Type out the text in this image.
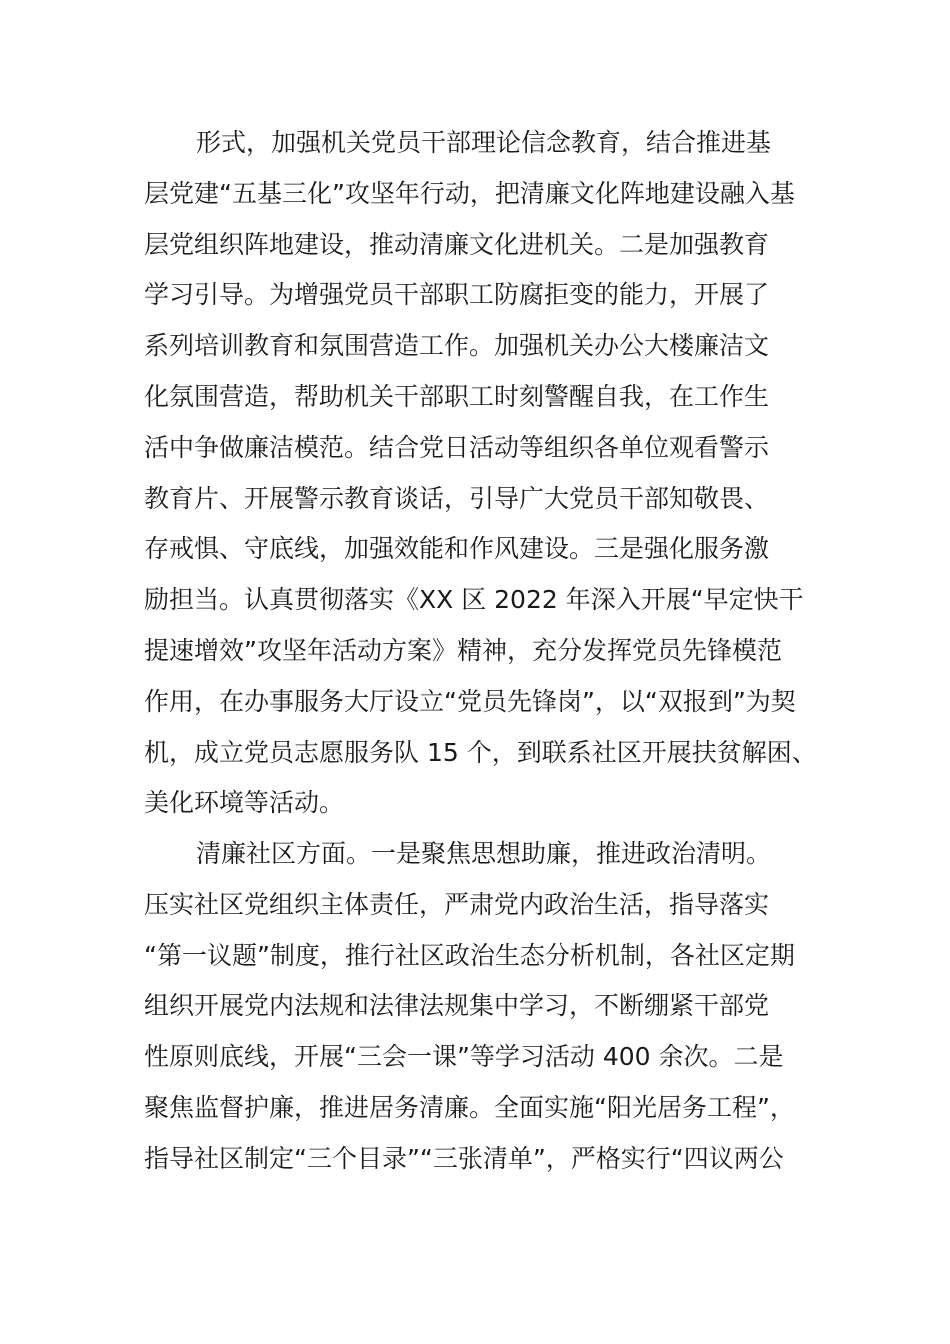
形式，加强机关党员干部理论信念教育，结合推进基
层党建“五基三化”攻坚年行动，把清廉文化阵地建设融入基
层党组织阵地建设，推动清廉文化进机关。二是加强教育
学习引导。为增强党员干部职工防腐拒变的能力，开展了
系列培训教育和氛围营造工作。加强机关办公大楼廉洁文
化氛围营造，帮助机关干部职工时刻警醒自我，在工作生
活中争做廉洁模范。结合党日活动等组织各单位观看警示
教育片、开展警示教育谈话，引导广大党员干部知敬畏、
存戒惧、守底线，加强效能和作风建设。三是强化服务激
励担当。认真贯彻落实《XX 区 2022 年深入开展“早定快干
提速增效”攻坚年活动方案》精神，充分发挥党员先锋模范
作用，在办事服务大厅设立“党员先锋岗”，以“双报到”为契
机，成立党员志愿服务队 15 个，到联系社区开展扶贫解困、
美化环境等活动。
清廉社区方面。一是聚焦思想助廉，推进政治清明。
压实社区党组织主体责任，严肃党内政治生活，指导落实
“第一议题”制度，推行社区政治生态分析机制，各社区定期
组织开展党内法规和法律法规集中学习，不断绷紧干部党
性原则底线，开展“三会一课”等学习活动 400 余次。二是
聚焦监督护廉，推进居务清廉。全面实施“阳光居务工程”，
指导社区制定“三个目录”“三张清单”，严格实行“四议两公
